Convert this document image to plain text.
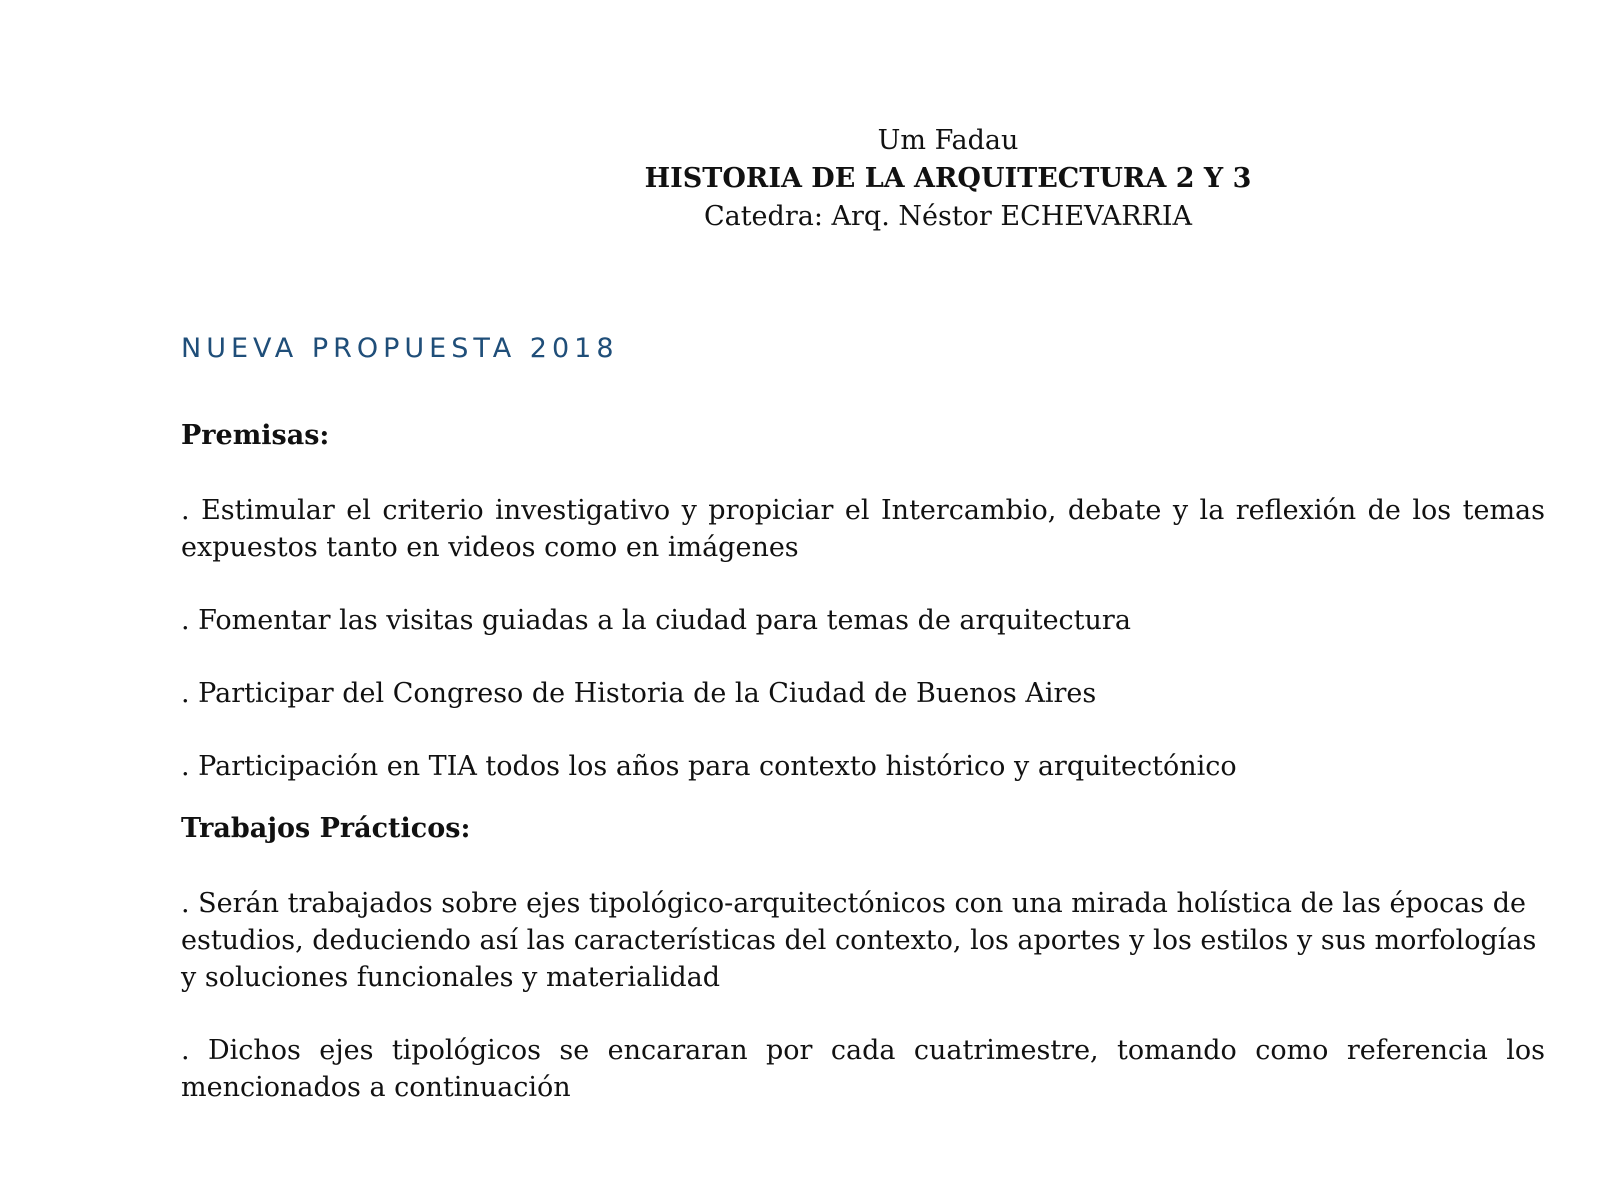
Um Fadau
HISTORIA DE LA ARQUITECTURA 2 Y 3
Catedra: Arq. Néstor ECHEVARRIA
NUEVA PROPUESTA 2018
Premisas:
. Estimular el criterio investigativo y propiciar el Intercambio, debate y la reflexión de los temas expuestos tanto en videos como en imágenes
. Fomentar las visitas guiadas a la ciudad para temas de arquitectura
. Participar del Congreso de Historia de la Ciudad de Buenos Aires
. Participación en TIA todos los años para contexto histórico y arquitectónico
Trabajos Prácticos:
. Serán trabajados sobre ejes tipológico-arquitectónicos con una mirada holística de las épocas de estudios, deduciendo así las características del contexto, los aportes y los estilos y sus morfologías y soluciones funcionales y materialidad
. Dichos ejes tipológicos se encararan por cada cuatrimestre, tomando como referencia los mencionados a continuación
